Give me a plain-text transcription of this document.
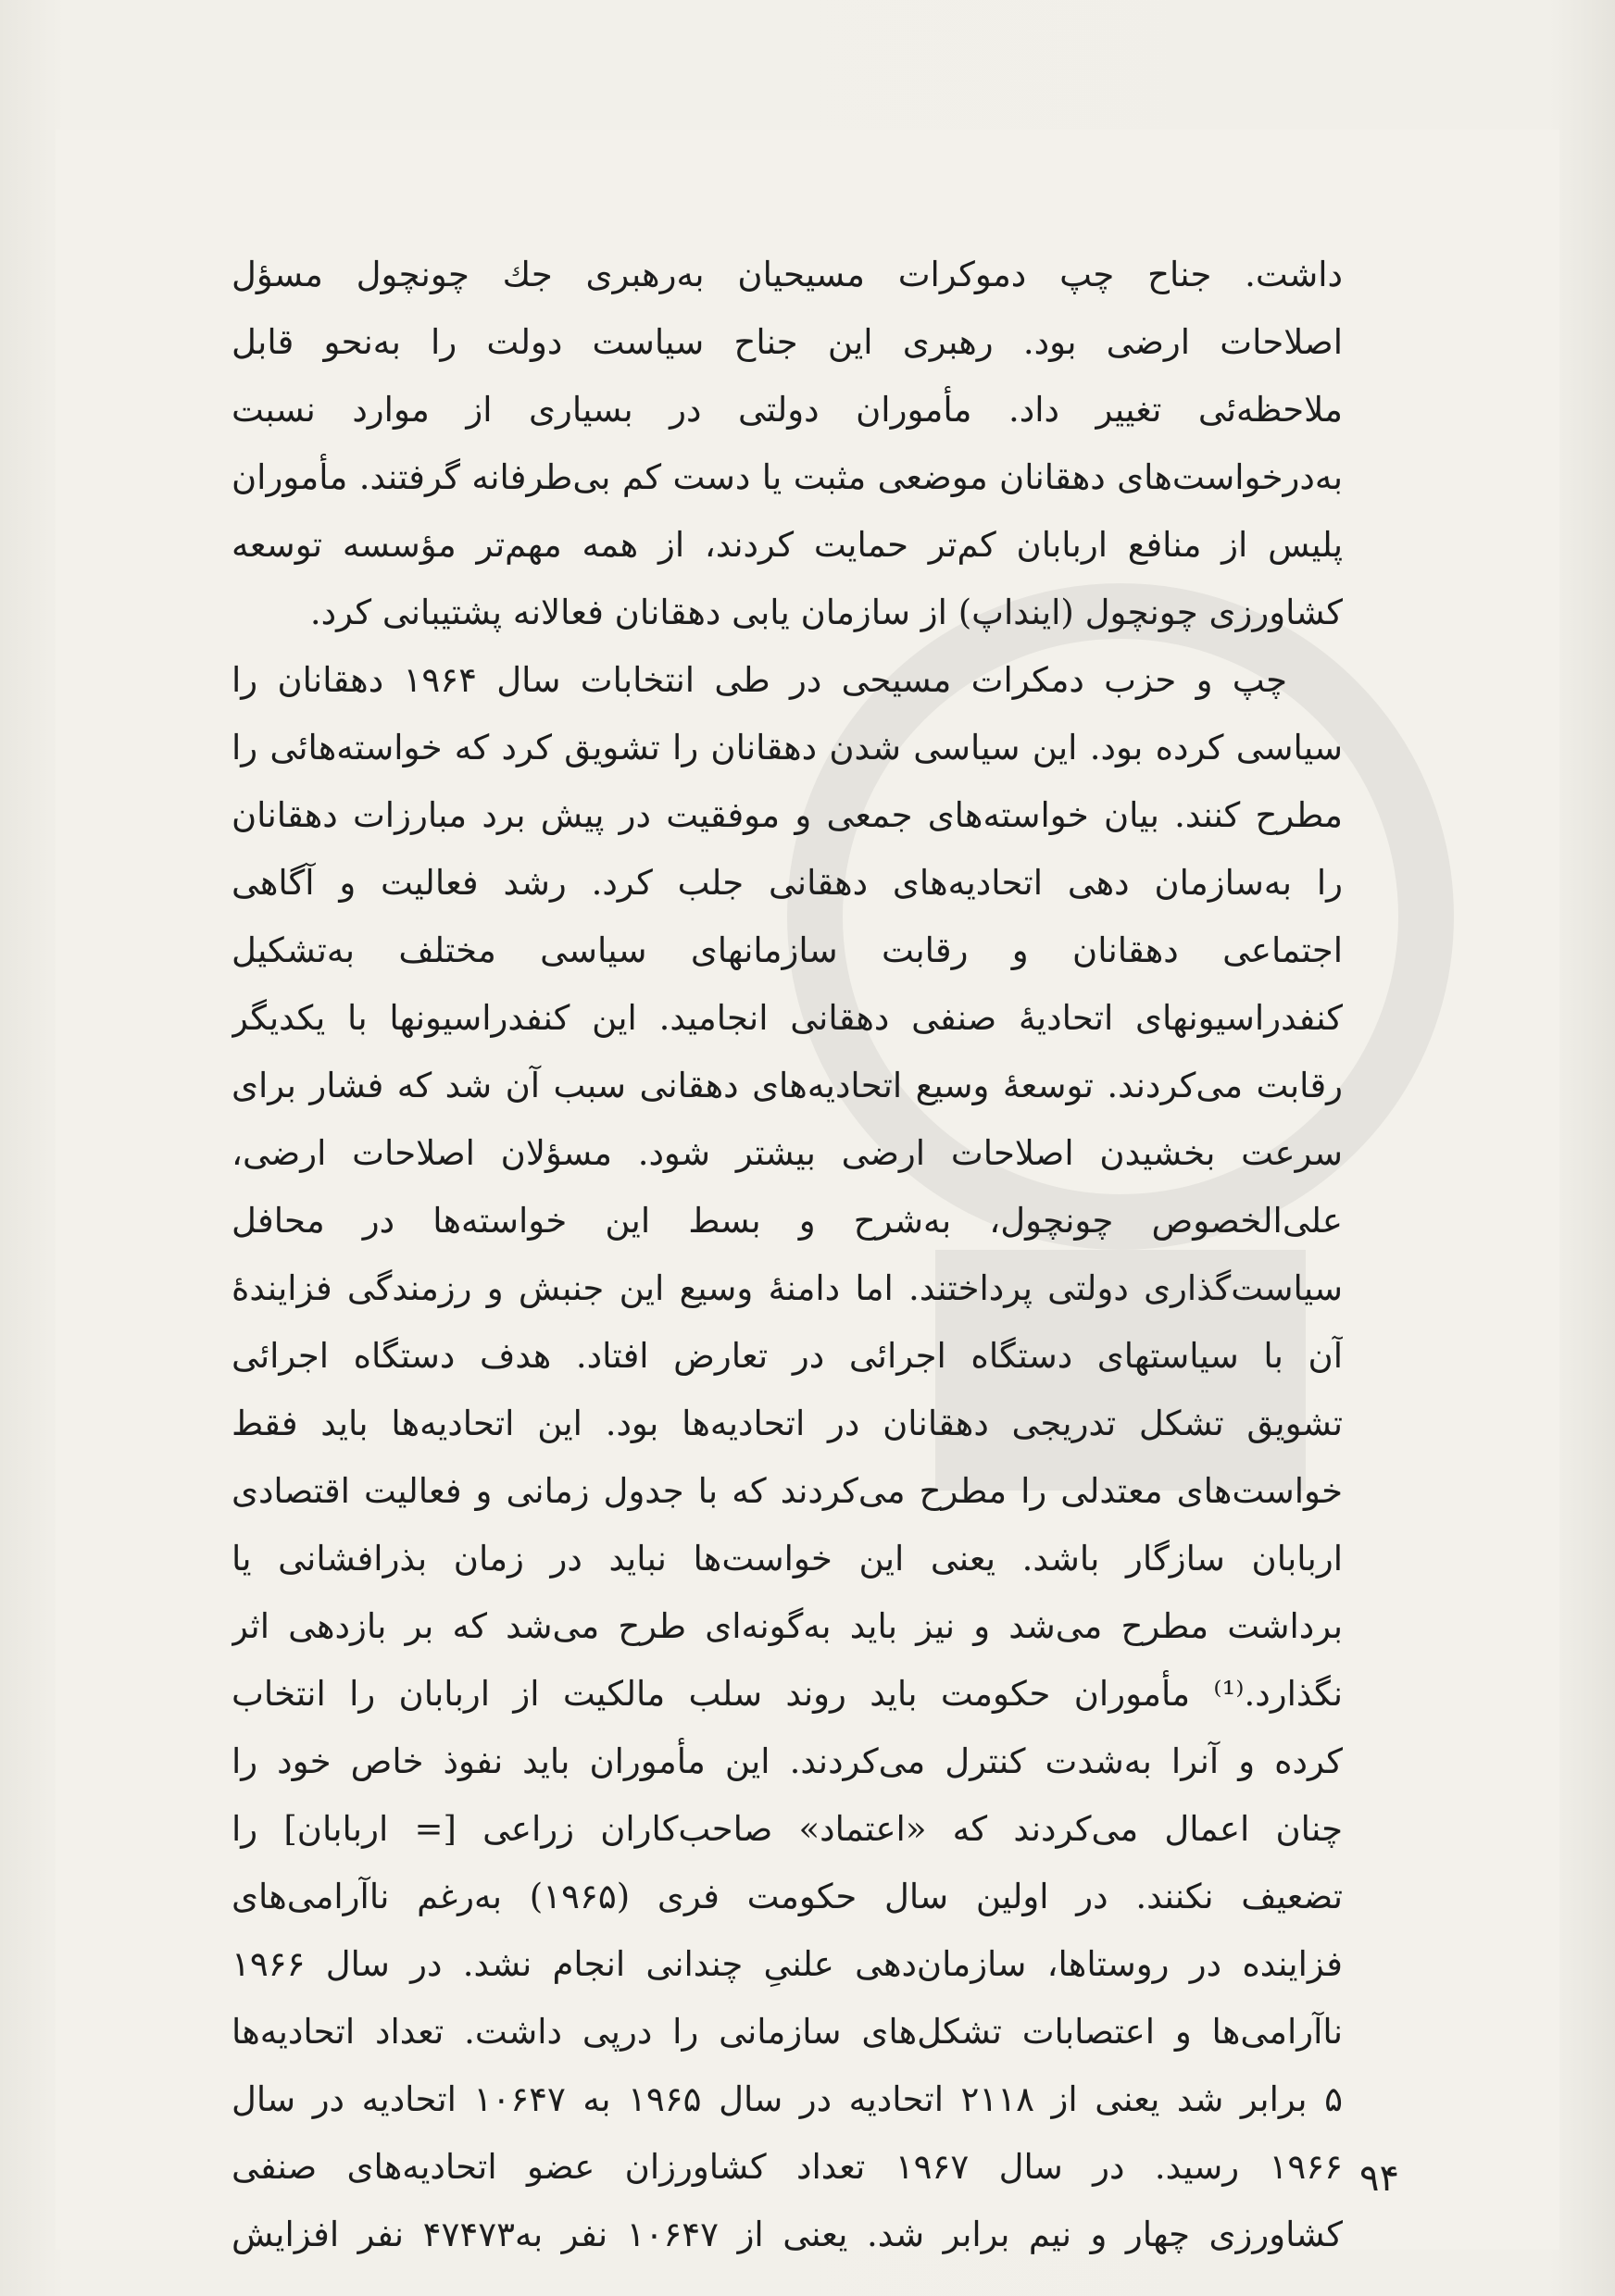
داشت. جناح چپ دموکرات مسیحیان به‌رهبری جك چونچول مسؤل
اصلاحات ارضی بود. رهبری این جناح سیاست دولت را به‌نحو قابل
ملاحظه‌ئی تغییر داد. مأموران دولتی در بسیاری از موارد نسبت
به‌درخواست‌های دهقانان موضعی مثبت یا دست کم بی‌طرفانه گرفتند. مأموران
پلیس از منافع اربابان کم‌تر حمایت کردند، از همه مهم‌تر مؤسسه توسعه
کشاورزی چونچول (ایندا‌پ) از سازمان یابی دهقانان فعالانه پشتیبانی کرد.
چپ و حزب دمکرات مسیحی در طی انتخابات سال ۱۹۶۴ دهقانان را
سیاسی کرده بود. این سیاسی شدن دهقانان را تشویق کرد که خواسته‌هائی را
مطرح کنند. بیان خواسته‌های جمعی و موفقیت در پیش برد مبارزات دهقانان
را به‌سازمان دهی اتحادیه‌های دهقانی جلب کرد. رشد فعالیت و آگاهی
اجتماعی دهقانان و رقابت سازمانهای سیاسی مختلف به‌تشکیل
کنفدراسیونهای اتحادیهٔ صنفی دهقانی انجامید. این کنفدراسیونها با یکدیگر
رقابت می‌کردند. توسعهٔ وسیع اتحادیه‌های دهقانی سبب آن شد که فشار برای
سرعت بخشیدن اصلاحات ارضی بیشتر شود. مسؤلان اصلاحات ارضی،
علی‌الخصوص چونچول، به‌شرح و بسط این خواسته‌ها در محافل
سیاست‌گذاری دولتی پرداختند. اما دامنهٔ وسیع این جنبش و رزمندگی فزایندهٔ
آن با سیاستهای دستگاه اجرائی در تعارض افتاد. هدف دستگاه اجرائی
تشویق تشکل تدریجی دهقانان در اتحادیه‌ها بود. این اتحادیه‌ها باید فقط
خواست‌های معتدلی را مطرح می‌کردند که با جدول زمانی و فعالیت اقتصادی
اربابان سازگار باشد. یعنی این خواست‌ها نباید در زمان بذرافشانی یا
برداشت مطرح می‌شد و نیز باید به‌گونه‌ای طرح می‌شد که بر بازدهی اثر
نگذارد.⁽¹⁾ مأموران حکومت باید روند سلب مالکیت از اربابان را انتخاب
کرده و آنرا به‌شدت کنترل می‌کردند. این مأموران باید نفوذ خاص خود را
چنان اعمال می‌کردند که «اعتماد» صاحب‌کاران زراعی [= اربابان] را
تضعیف نکنند. در اولین سال حکومت فری (۱۹۶۵) به‌رغم ناآرامی‌های
فزاینده در روستاها، سازمان‌دهی علنیِ چندانی انجام نشد. در سال ۱۹۶۶
ناآرامی‌ها و اعتصابات تشکل‌های سازمانی را درپی داشت. تعداد اتحادیه‌ها
۵ برابر شد یعنی از ۲۱۱۸ اتحادیه در سال ۱۹۶۵ به ۱۰۶۴۷ اتحادیه در سال
۱۹۶۶ رسید. در سال ۱۹۶۷ تعداد کشاورزان عضو اتحادیه‌های صنفی
کشاورزی چهار و نیم برابر شد. یعنی از ۱۰۶۴۷ نفر به۴۷۴۷۳ نفر افزایش
۹۴
